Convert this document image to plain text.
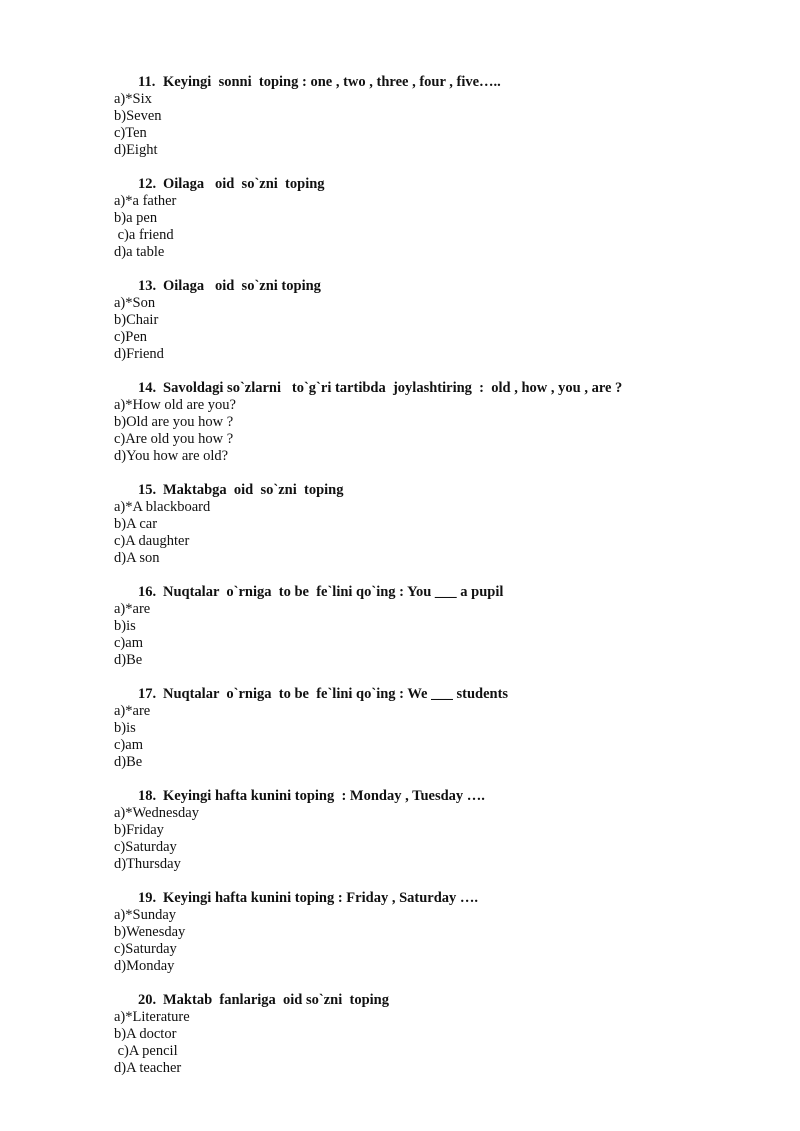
11. Keyingi  sonni  toping : one , two , three , four , five…..
a)*Six
b)Seven
c)Ten
d)Eight
12. Oilaga   oid  so`zni  toping
a)*a father
b)a pen
c)a friend
d)a table
13. Oilaga   oid  so`zni toping
a)*Son
b)Chair
c)Pen
d)Friend
14. Savoldagi so`zlarni   to`g`ri tartibda  joylashtiring  :  old , how , you , are ?
a)*How old are you?
b)Old are you how ?
c)Are old you how ?
d)You how are old?
15. Maktabga  oid  so`zni  toping
a)*A blackboard
b)A car
c)A daughter
d)A son
16. Nuqtalar  o`rniga  to be  fe`lini qo`ing : You ___ a pupil
a)*are
b)is
c)am
d)Be
17. Nuqtalar  o`rniga  to be  fe`lini qo`ing : We ___ students
a)*are
b)is
c)am
d)Be
18. Keyingi hafta kunini toping  : Monday , Tuesday ….
a)*Wednesday
b)Friday
c)Saturday
d)Thursday
19. Keyingi hafta kunini toping : Friday , Saturday ….
a)*Sunday
b)Wenesday
c)Saturday
d)Monday
20. Maktab  fanlariga  oid so`zni  toping
a)*Literature
b)A doctor
c)A pencil
d)A teacher
